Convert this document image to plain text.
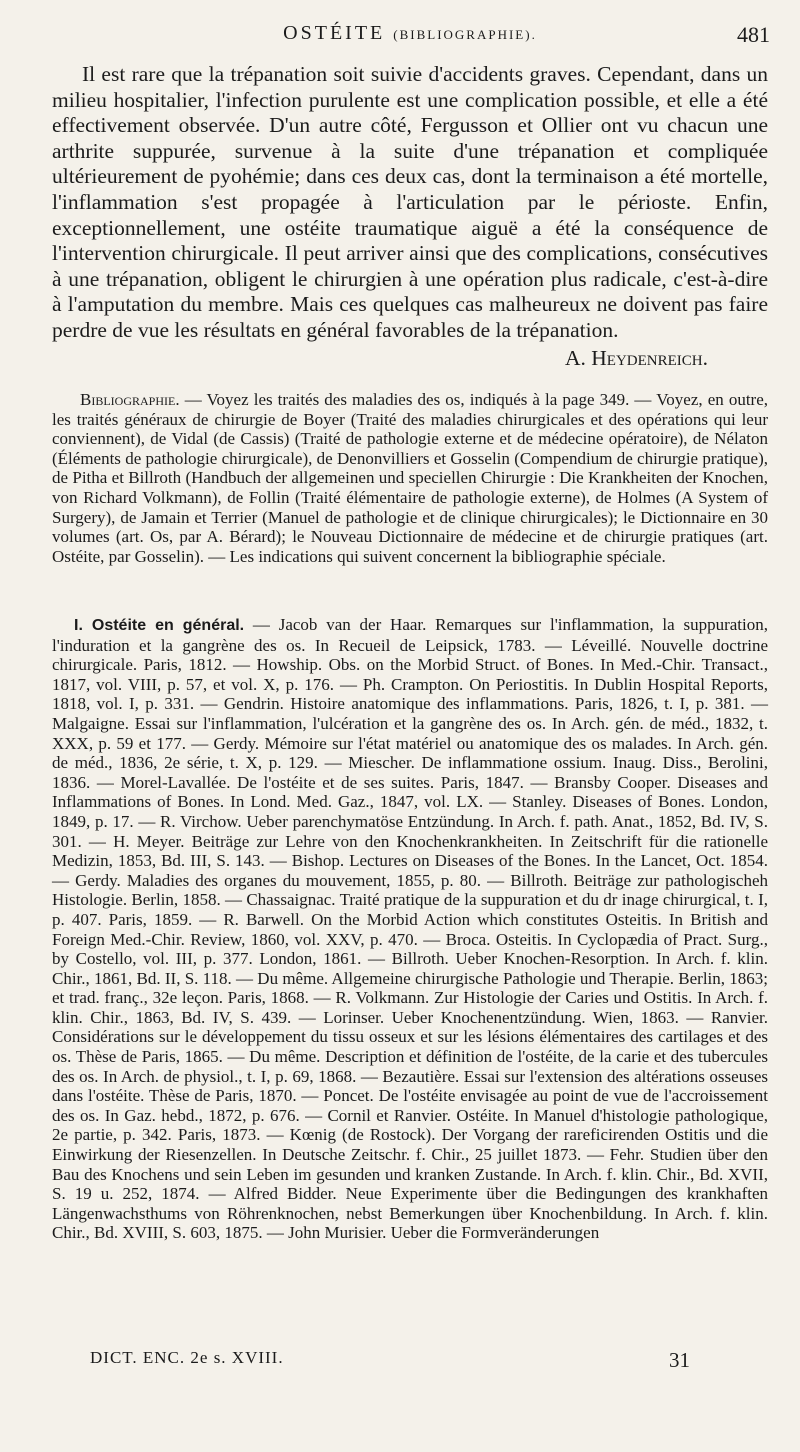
OSTÉITE (BIBLIOGRAPHIE).	481

Il est rare que la trépanation soit suivie d'accidents graves. Cependant, dans un milieu hospitalier, l'infection purulente est une complication possible, et elle a été effectivement observée. D'un autre côté, Fergusson et Ollier ont vu chacun une arthrite suppurée, survenue à la suite d'une trépanation et compliquée ultérieurement de pyohémie; dans ces deux cas, dont la terminaison a été mortelle, l'inflammation s'est propagée à l'articulation par le périoste. Enfin, exceptionnellement, une ostéite traumatique aiguë a été la conséquence de l'intervention chirurgicale. Il peut arriver ainsi que des complications, consécutives à une trépanation, obligent le chirurgien à une opération plus radicale, c'est-à-dire à l'amputation du membre. Mais ces quelques cas malheureux ne doivent pas faire perdre de vue les résultats en général favorables de la trépanation.

A. Heydenreich.

Bibliographie. — Voyez les traités des maladies des os, indiqués à la page 349. — Voyez, en outre, les traités généraux de chirurgie de Boyer (Traité des maladies chirurgicales et des opérations qui leur conviennent), de Vidal (de Cassis) (Traité de pathologie externe et de médecine opératoire), de Nélaton (Éléments de pathologie chirurgicale), de Denonvilliers et Gosselin (Compendium de chirurgie pratique), de Pitha et Billroth (Handbuch der allgemeinen und speciellen Chirurgie : Die Krankheiten der Knochen, von Richard Volkmann), de Follin (Traité élémentaire de pathologie externe), de Holmes (A System of Surgery), de Jamain et Terrier (Manuel de pathologie et de clinique chirurgicales); le Dictionnaire en 30 volumes (art. Os, par A. Bérard); le Nouveau Dictionnaire de médecine et de chirurgie pratiques (art. Ostéite, par Gosselin). — Les indications qui suivent concernent la bibliographie spéciale.

I. Ostéite en général. — Jacob van der Haar. Remarques sur l'inflammation, la suppuration, l'induration et la gangrène des os. In Recueil de Leipsick, 1783. — Léveillé. Nouvelle doctrine chirurgicale. Paris, 1812. — Howship. Obs. on the Morbid Struct. of Bones. In Med.-Chir. Transact., 1817, vol. VIII, p. 57, et vol. X, p. 176. — Ph. Crampton. On Periostitis. In Dublin Hospital Reports, 1818, vol. I, p. 331. — Gendrin. Histoire anatomique des inflammations. Paris, 1826, t. I, p. 381. — Malgaigne. Essai sur l'inflammation, l'ulcération et la gangrène des os. In Arch. gén. de méd., 1832, t. XXX, p. 59 et 177. — Gerdy. Mémoire sur l'état matériel ou anatomique des os malades. In Arch. gén. de méd., 1836, 2e série, t. X, p. 129. — Miescher. De inflammatione ossium. Inaug. Diss., Berolini, 1836. — Morel-Lavallée. De l'ostéite et de ses suites. Paris, 1847. — Bransby Cooper. Diseases and Inflammations of Bones. In Lond. Med. Gaz., 1847, vol. LX. — Stanley. Diseases of Bones. London, 1849, p. 17. — R. Virchow. Ueber parenchymatöse Entzündung. In Arch. f. path. Anat., 1852, Bd. IV, S. 301. — H. Meyer. Beiträge zur Lehre von den Knochenkrankheiten. In Zeitschrift für die rationelle Medizin, 1853, Bd. III, S. 143. — Bishop. Lectures on Diseases of the Bones. In the Lancet, Oct. 1854. — Gerdy. Maladies des organes du mouvement, 1855, p. 80. — Billroth. Beiträge zur pathologischeh Histologie. Berlin, 1858. — Chassaignac. Traité pratique de la suppuration et du dr inage chirurgical, t. I, p. 407. Paris, 1859. — R. Barwell. On the Morbid Action which constitutes Osteitis. In British and Foreign Med.-Chir. Review, 1860, vol. XXV, p. 470. — Broca. Osteitis. In Cyclopædia of Pract. Surg., by Costello, vol. III, p. 377. London, 1861. — Billroth. Ueber Knochen-Resorption. In Arch. f. klin. Chir., 1861, Bd. II, S. 118. — Du même. Allgemeine chirurgische Pathologie und Therapie. Berlin, 1863; et trad. franç., 32e leçon. Paris, 1868. — R. Volkmann. Zur Histologie der Caries und Ostitis. In Arch. f. klin. Chir., 1863, Bd. IV, S. 439. — Lorinser. Ueber Knochenentzündung. Wien, 1863. — Ranvier. Considérations sur le développement du tissu osseux et sur les lésions élémentaires des cartilages et des os. Thèse de Paris, 1865. — Du même. Description et définition de l'ostéite, de la carie et des tubercules des os. In Arch. de physiol., t. I, p. 69, 1868. — Bezautière. Essai sur l'extension des altérations osseuses dans l'ostéite. Thèse de Paris, 1870. — Poncet. De l'ostéite envisagée au point de vue de l'accroissement des os. In Gaz. hebd., 1872, p. 676. — Cornil et Ranvier. Ostéite. In Manuel d'histologie pathologique, 2e partie, p. 342. Paris, 1873. — Kœnig (de Rostock). Der Vorgang der rareficirenden Ostitis und die Einwirkung der Riesenzellen. In Deutsche Zeitschr. f. Chir., 25 juillet 1873. — Fehr. Studien über den Bau des Knochens und sein Leben im gesunden und kranken Zustande. In Arch. f. klin. Chir., Bd. XVII, S. 19 u. 252, 1874. — Alfred Bidder. Neue Experimente über die Bedingungen des krankhaften Längenwachsthums von Röhrenknochen, nebst Bemerkungen über Knochenbildung. In Arch. f. klin. Chir., Bd. XVIII, S. 603, 1875. — John Murisier. Ueber die Formveränderungen

DICT. ENC. 2e s. XVIII.	31
